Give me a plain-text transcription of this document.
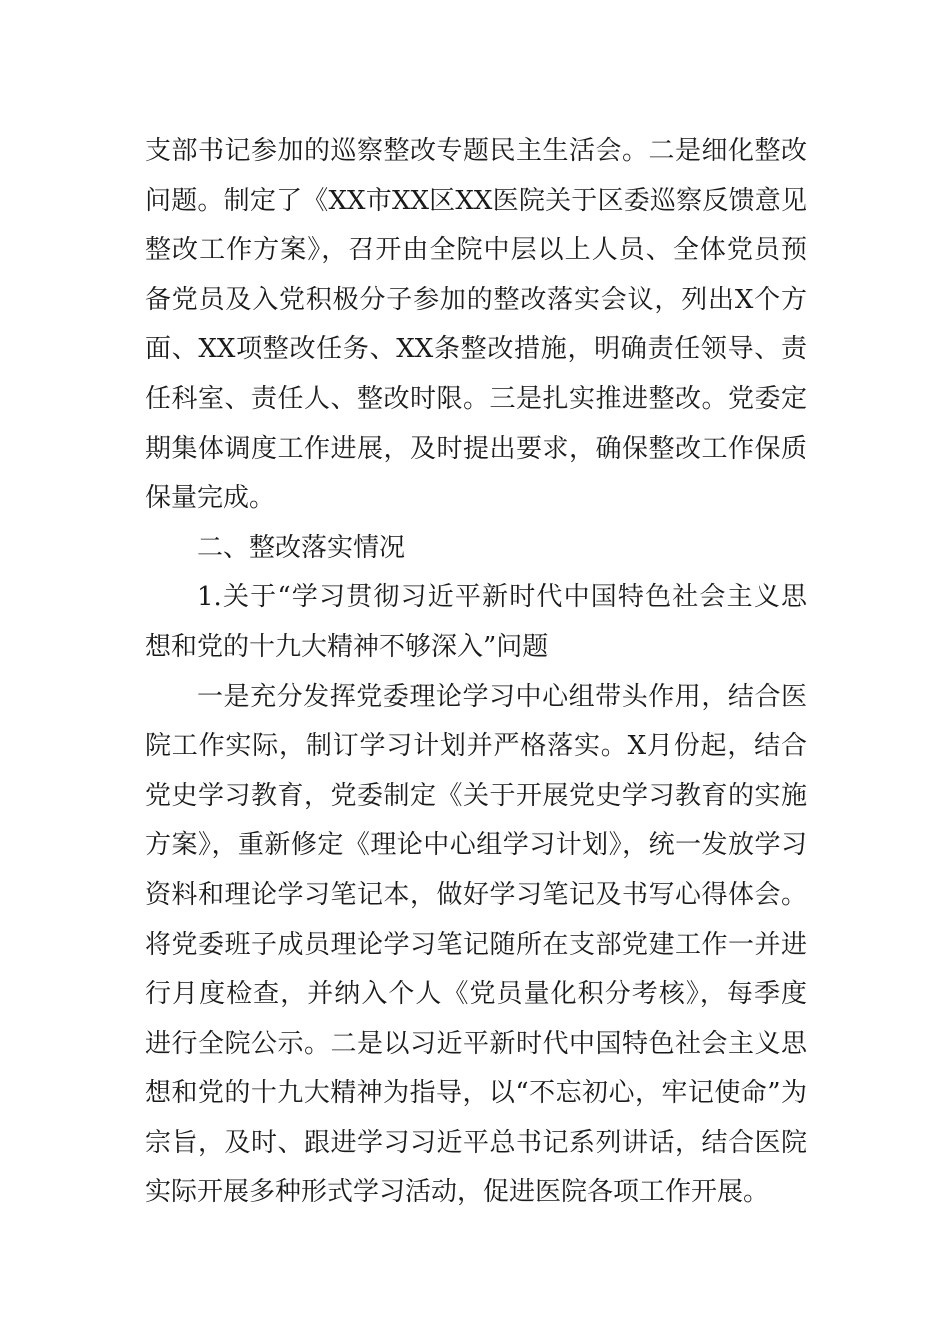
支部书记参加的巡察整改专题民主生活会。二是细化整改问题。制定了《XX市XX区XX医院关于区委巡察反馈意见整改工作方案》，召开由全院中层以上人员、全体党员预备党员及入党积极分子参加的整改落实会议，列出X个方面、XX项整改任务、XX条整改措施，明确责任领导、责任科室、责任人、整改时限。三是扎实推进整改。党委定期集体调度工作进展，及时提出要求，确保整改工作保质保量完成。

二、整改落实情况

1.关于“学习贯彻习近平新时代中国特色社会主义思想和党的十九大精神不够深入”问题

一是充分发挥党委理论学习中心组带头作用，结合医院工作实际，制订学习计划并严格落实。X月份起，结合党史学习教育，党委制定《关于开展党史学习教育的实施方案》，重新修定《理论中心组学习计划》，统一发放学习资料和理论学习笔记本，做好学习笔记及书写心得体会。将党委班子成员理论学习笔记随所在支部党建工作一并进行月度检查，并纳入个人《党员量化积分考核》，每季度进行全院公示。二是以习近平新时代中国特色社会主义思想和党的十九大精神为指导，以“不忘初心，牢记使命”为宗旨，及时、跟进学习习近平总书记系列讲话，结合医院实际开展多种形式学习活动，促进医院各项工作开展。
